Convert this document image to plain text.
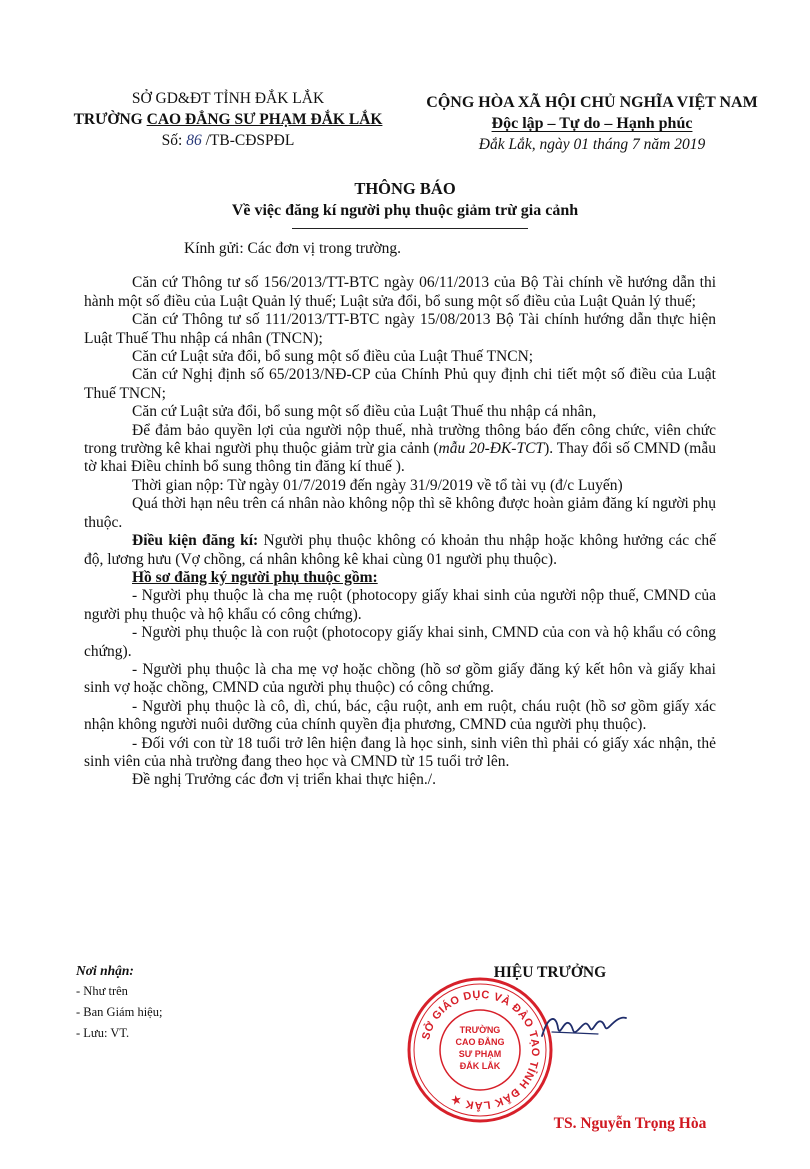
SỞ GD&ĐT TỈNH ĐẮK LẮK
TRƯỜNG CAO ĐẲNG SƯ PHẠM ĐẮK LẮK
Số: 86 /TB-CĐSPĐL
CỘNG HÒA XÃ HỘI CHỦ NGHĨA VIỆT NAM
Độc lập – Tự do – Hạnh phúc
Đắk Lắk, ngày 01 tháng 7 năm 2019
THÔNG BÁO
Về việc đăng kí người phụ thuộc giảm trừ gia cảnh

Kính gửi: Các đơn vị trong trường.

Căn cứ Thông tư số 156/2013/TT-BTC ngày 06/11/2013 của Bộ Tài chính về hướng dẫn thi hành một số điều của Luật Quản lý thuế; Luật sửa đổi, bổ sung một số điều của Luật Quản lý thuế;

Căn cứ Thông tư số 111/2013/TT-BTC ngày 15/08/2013 Bộ Tài chính hướng dẫn thực hiện Luật Thuế Thu nhập cá nhân (TNCN);

Căn cứ Luật sửa đổi, bổ sung một số điều của Luật Thuế TNCN;

Căn cứ Nghị định số 65/2013/NĐ-CP của Chính Phủ quy định chi tiết một số điều của Luật Thuế TNCN;

Căn cứ Luật sửa đổi, bổ sung một số điều của Luật Thuế thu nhập cá nhân,

Để đảm bảo quyền lợi của người nộp thuế, nhà trường thông báo đến công chức, viên chức trong trường kê khai người phụ thuộc giảm trừ gia cảnh (mẫu 20-ĐK-TCT). Thay đổi số CMND (mẫu tờ khai Điều chỉnh bổ sung thông tin đăng kí thuế ).

Thời gian nộp: Từ ngày 01/7/2019 đến ngày 31/9/2019 về tổ tài vụ (đ/c Luyến)

Quá thời hạn nêu trên cá nhân nào không nộp thì sẽ không được hoàn giảm đăng kí người phụ thuộc.

Điều kiện đăng kí: Người phụ thuộc không có khoản thu nhập hoặc không hưởng các chế độ, lương hưu (Vợ chồng, cá nhân không kê khai cùng 01 người phụ thuộc).

Hồ sơ đăng ký người phụ thuộc gồm:

- Người phụ thuộc là cha mẹ ruột (photocopy giấy khai sinh của người nộp thuế, CMND của người phụ thuộc và hộ khẩu có công chứng).

- Người phụ thuộc là con ruột (photocopy giấy khai sinh, CMND của con và hộ khẩu có công chứng).

- Người phụ thuộc là cha mẹ vợ hoặc chồng (hồ sơ gồm giấy đăng ký kết hôn và giấy khai sinh vợ hoặc chồng, CMND của người phụ thuộc) có công chứng.

- Người phụ thuộc là cô, dì, chú, bác, cậu ruột, anh em ruột, cháu ruột (hồ sơ gồm giấy xác nhận không người nuôi dưỡng của chính quyền địa phương, CMND của người phụ thuộc).

- Đối với con từ 18 tuổi trở lên hiện đang là học sinh, sinh viên thì phải có giấy xác nhận, thẻ sinh viên của nhà trường đang theo học và CMND từ 15 tuổi trở lên.

Đề nghị Trưởng các đơn vị triển khai thực hiện./.

Nơi nhận:
- Như trên
- Ban Giám hiệu;
- Lưu: VT.
HIỆU TRƯỞNG
SỞ GIÁO DỤC VÀ ĐÀO TẠO TỈNH ĐẮK LẮK ★
TRƯỜNG
CAO ĐẲNG
SƯ PHẠM
ĐẮK LẮK
TS. Nguyễn Trọng Hòa
